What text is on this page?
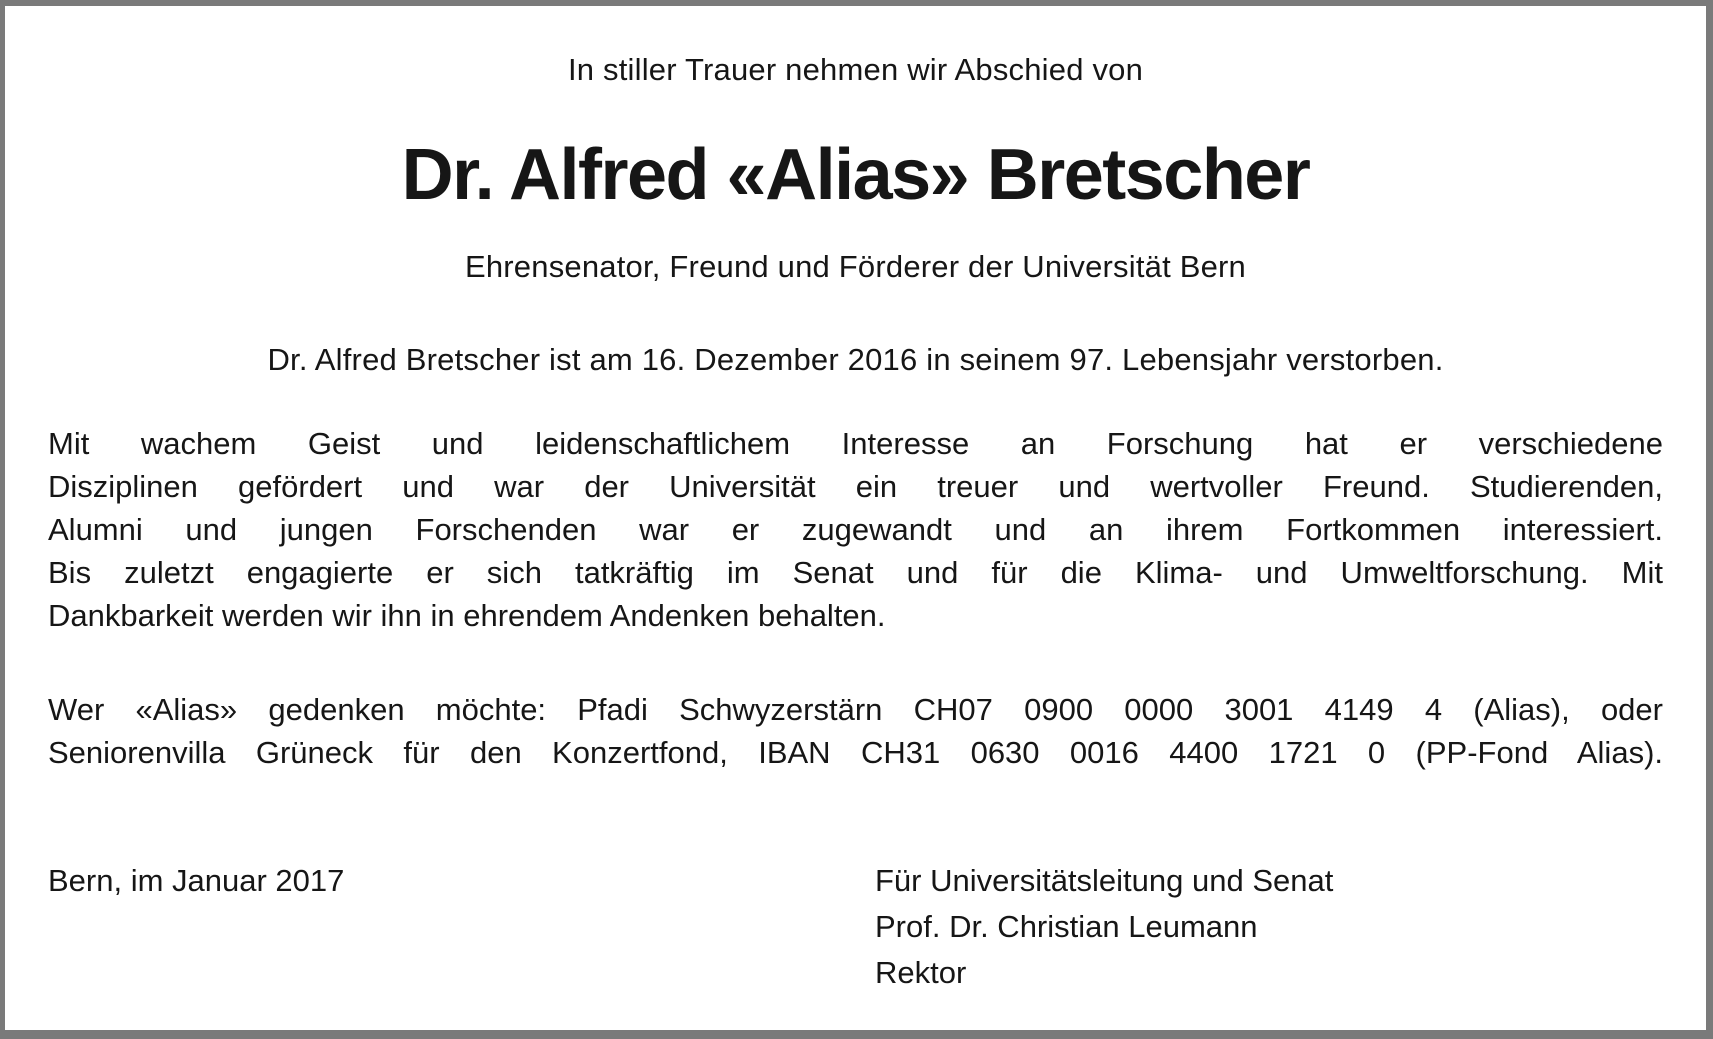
In stiller Trauer nehmen wir Abschied von
Dr. Alfred «Alias» Bretscher
Ehrensenator, Freund und Förderer der Universität Bern
Dr. Alfred Bretscher ist am 16. Dezember 2016 in seinem 97. Lebensjahr verstorben.
Mit wachem Geist und leidenschaftlichem Interesse an Forschung hat er verschiedene
Disziplinen gefördert und war der Universität ein treuer und wertvoller Freund. Studierenden,
Alumni und jungen Forschenden war er zugewandt und an ihrem Fortkommen interessiert.
Bis zuletzt engagierte er sich tatkräftig im Senat und für die Klima- und Umweltforschung. Mit
Dankbarkeit werden wir ihn in ehrendem Andenken behalten.
Wer «Alias» gedenken möchte: Pfadi Schwyzerstärn CH07 0900 0000 3001 4149 4 (Alias), oder
Seniorenvilla Grüneck für den Konzertfond, IBAN CH31 0630 0016 4400 1721 0 (PP-Fond Alias).
Bern, im Januar 2017	Für Universitätsleitung und Senat
Prof. Dr. Christian Leumann
Rektor
